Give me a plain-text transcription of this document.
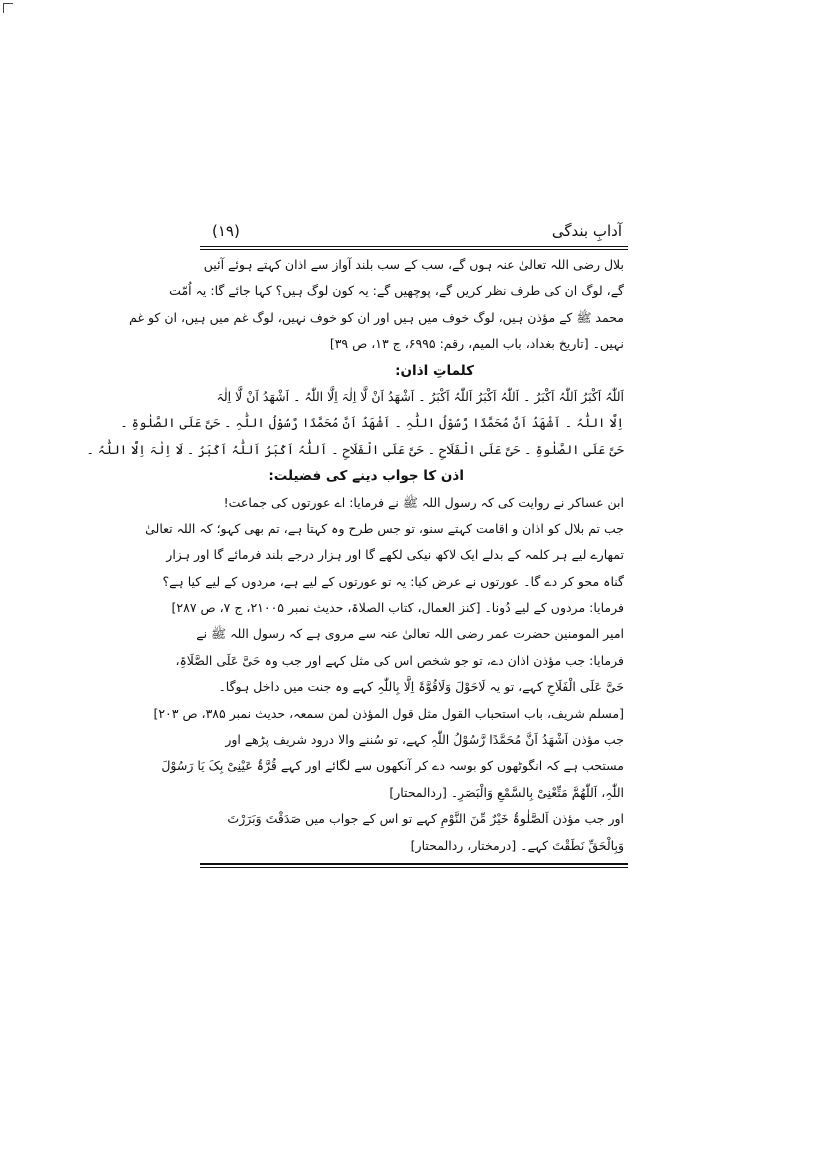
آدابِ بندگی
(۱۹)
بلال رضی اللہ تعالیٰ عنہ ہوں گے، سب کے سب بلند آواز سے اذان کہتے ہوئے آئیں
گے، لوگ ان کی طرف نظر کریں گے، پوچھیں گے: یہ کون لوگ ہیں؟ کہا جائے گا: یہ اُمّت
محمد ﷺ کے مؤذن ہیں، لوگ خوف میں ہیں اور ان کو خوف نہیں، لوگ غم میں ہیں، ان کو غم
نہیں۔ [تاریخ بغداد، باب المیم، رقم: ۶۹۹۵، ج ۱۳، ص ۳۹]
کلماتِ اذان:
اَللّٰہُ اَکْبَرُ اَللّٰہُ اَکْبَرُ ۔ اَللّٰہُ اَکْبَرُ اَللّٰہُ اَکْبَرُ ۔ اَشْھَدُ اَنْ لَّا اِلٰہَ اِلَّا اللّٰہُ ۔ اَشْھَدُ اَنْ لَّا اِلٰہَ
اِلَّا اللّٰہُ ۔ اَشْھَدُ اَنَّ مُحَمَّدًا رَّسُوْلُ اللّٰہِ ۔ اَشْھَدُ اَنَّ مُحَمَّدًا رَّسُوْلُ اللّٰہِ ۔ حَیَّ عَلَی الصَّلٰوۃِ ۔
حَیَّ عَلَی الصَّلٰوۃِ ۔ حَیَّ عَلَی الْفَلَاحِ ۔ حَیَّ عَلَی الْفَلَاحِ ۔ اَللّٰہُ اَکْبَرُ اَللّٰہُ اَکْبَرُ ۔ لَا اِلٰہَ اِلَّا اللّٰہُ ۔
اذن کا جواب دینے کی فضیلت:
ابن عساکر نے روایت کی کہ رسول اللہ ﷺ نے فرمایا: اے عورتوں کی جماعت!
جب تم بلال کو اذان و اقامت کہتے سنو، تو جس طرح وہ کہتا ہے، تم بھی کہو؛ کہ اللہ تعالیٰ
تمھارے لیے ہر کلمہ کے بدلے ایک لاکھ نیکی لکھے گا اور ہزار درجے بلند فرمائے گا اور ہزار
گناہ محو کر دے گا۔ عورتوں نے عرض کیا: یہ تو عورتوں کے لیے ہے، مردوں کے لیے کیا ہے؟
فرمایا: مردوں کے لیے دُونا۔ [کنز العمال، کتاب الصلاۃ، حدیث نمبر ۲۱۰۰۵، ج ۷، ص ۲۸۷]
امیر المومنین حضرت عمر رضی اللہ تعالیٰ عنہ سے مروی ہے کہ رسول اللہ ﷺ نے
فرمایا: جب مؤذن اذان دے، تو جو شخص اس کی مثل کہے اور جب وہ حَیَّ عَلَی الصَّلَاۃِ،
حَیَّ عَلَی الْفَلَاحِ کہے، تو یہ لَاحَوْلَ وَلَاقُوَّۃَ اِلَّا بِاللّٰہِ کہے وہ جنت میں داخل ہوگا۔
[مسلم شریف، باب استحباب القول مثل قول المؤذن لمن سمعہ، حدیث نمبر ۳۸۵، ص ۲۰۳]
جب مؤذن اَشْھَدُ اَنَّ مُحَمَّدًا رَّسُوْلُ اللّٰہِ کہے، تو سُننے والا درود شریف پڑھے اور
مستحب ہے کہ انگوٹھوں کو بوسہ دے کر آنکھوں سے لگائے اور کہے قُرَّۃُ عَیْنِیْ بِکَ یَا رَسُوْلَ
اللّٰہِ، اَللّٰھُمَّ مَتِّعْنِیْ بِالسَّمْعِ وَالْبَصَرِ۔ [ردالمحتار]
اور جب مؤذن اَلصَّلٰوۃُ خَیْرٌ مِّنَ النَّوْمِ کہے تو اس کے جواب میں صَدَقْتَ وَبَرَرْتَ
وَبِالْحَقِّ نَطَقْتَ کہے۔ [درمختار، ردالمحتار]
